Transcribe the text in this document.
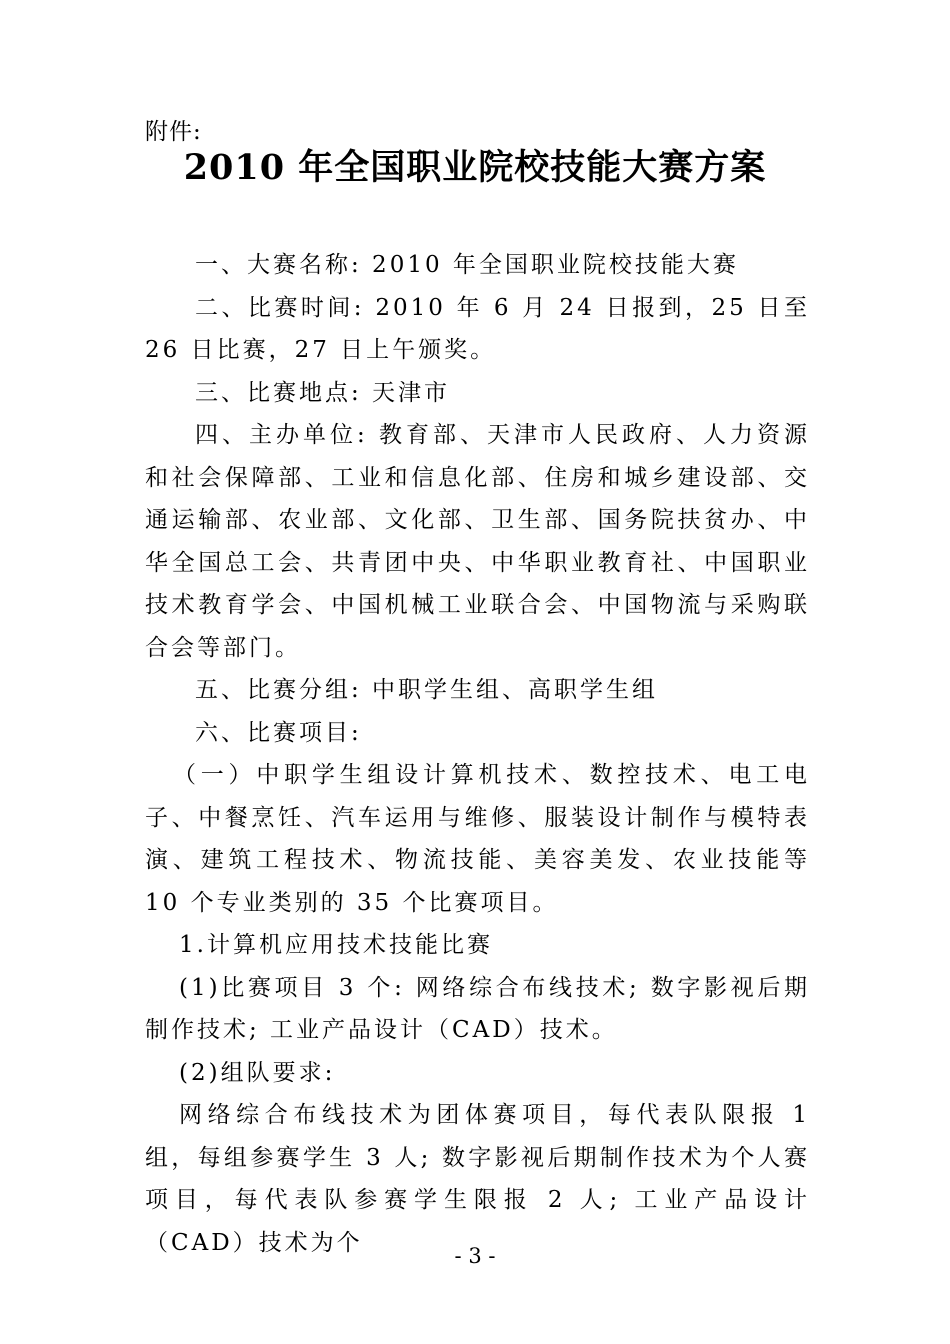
附件:
2010 年全国职业院校技能大赛方案

一、大赛名称: 2010 年全国职业院校技能大赛

二、比赛时间: 2010 年 6 月 24 日报到，25 日至 26 日比赛，27 日上午颁奖。

三、比赛地点: 天津市

四、主办单位: 教育部、天津市人民政府、人力资源和社会保障部、工业和信息化部、住房和城乡建设部、交通运输部、农业部、文化部、卫生部、国务院扶贫办、中华全国总工会、共青团中央、中华职业教育社、中国职业技术教育学会、中国机械工业联合会、中国物流与采购联合会等部门。

五、比赛分组: 中职学生组、高职学生组

六、比赛项目:

（一）中职学生组设计算机技术、数控技术、电工电子、中餐烹饪、汽车运用与维修、服装设计制作与模特表演、建筑工程技术、物流技能、美容美发、农业技能等 10 个专业类别的 35 个比赛项目。

1.计算机应用技术技能比赛

(1)比赛项目 3 个: 网络综合布线技术; 数字影视后期制作技术; 工业产品设计（CAD）技术。

(2)组队要求:

网络综合布线技术为团体赛项目，每代表队限报 1 组，每组参赛学生 3 人; 数字影视后期制作技术为个人赛项目，每代表队参赛学生限报 2 人; 工业产品设计（CAD）技术为个

- 3 -
